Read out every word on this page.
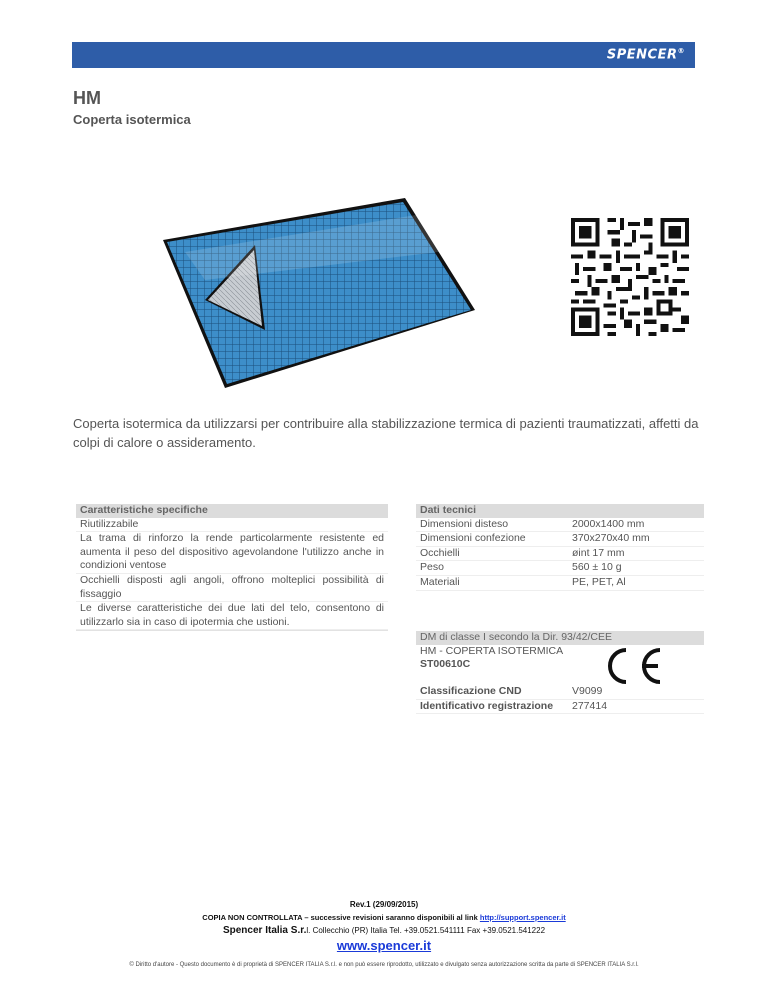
SPENCER®
HM
Coperta isotermica
Coperta isotermica da utilizzarsi per contribuire alla stabilizzazione termica di pazienti traumatizzati, affetti da colpi di calore o assideramento.
Caratteristiche specifiche
Riutilizzabile
La trama di rinforzo la rende particolarmente resistente ed aumenta il peso del dispositivo agevolandone l'utilizzo anche in condizioni ventose
Occhielli disposti agli angoli, offrono molteplici possibilità di fissaggio
Le diverse caratteristiche dei due lati del telo, consentono di utilizzarlo sia in caso di ipotermia che ustioni.
Dati tecnici
Dimensioni disteso	2000x1400 mm
Dimensioni confezione	370x270x40 mm
Occhielli	øint 17 mm
Peso	560 ± 10 g
Materiali	PE, PET, Al
DM di classe I secondo la Dir. 93/42/CEE
HM - COPERTA ISOTERMICA
ST00610C
Classificazione CND	V9099
Identificativo registrazione	277414
Rev.1 (29/09/2015)
COPIA NON CONTROLLATA – successive revisioni saranno disponibili al link http://support.spencer.it
Spencer Italia S.r.l. Collecchio (PR) Italia Tel. +39.0521.541111 Fax +39.0521.541222
www.spencer.it
© Diritto d'autore - Questo documento è di proprietà di SPENCER ITALIA S.r.l. e non può essere riprodotto, utilizzato e divulgato senza autorizzazione scritta da parte di SPENCER ITALIA S.r.l.
